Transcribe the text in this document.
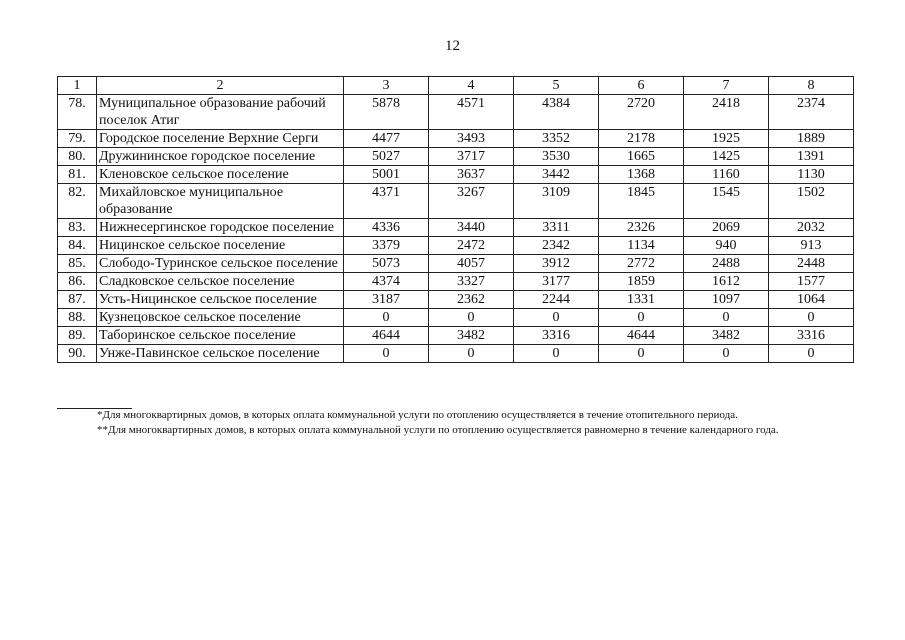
12
1	2	3	4	5	6	7	8
78.	Муниципальное образование рабочий поселок Атиг	5878	4571	4384	2720	2418	2374
79.	Городское поселение Верхние Серги	4477	3493	3352	2178	1925	1889
80.	Дружининское городское поселение	5027	3717	3530	1665	1425	1391
81.	Кленовское сельское поселение	5001	3637	3442	1368	1160	1130
82.	Михайловское муниципальное образование	4371	3267	3109	1845	1545	1502
83.	Нижнесергинское городское поселение	4336	3440	3311	2326	2069	2032
84.	Ницинское сельское поселение	3379	2472	2342	1134	940	913
85.	Слободо-Туринское сельское поселение	5073	4057	3912	2772	2488	2448
86.	Сладковское сельское поселение	4374	3327	3177	1859	1612	1577
87.	Усть-Ницинское сельское поселение	3187	2362	2244	1331	1097	1064
88.	Кузнецовское сельское поселение	0	0	0	0	0	0
89.	Таборинское сельское поселение	4644	3482	3316	4644	3482	3316
90.	Унже-Павинское сельское поселение	0	0	0	0	0	0

*Для многоквартирных домов, в которых оплата коммунальной услуги по отоплению осуществляется в течение отопительного периода.

**Для многоквартирных домов, в которых оплата коммунальной услуги по отоплению осуществляется равномерно в течение календарного года.
